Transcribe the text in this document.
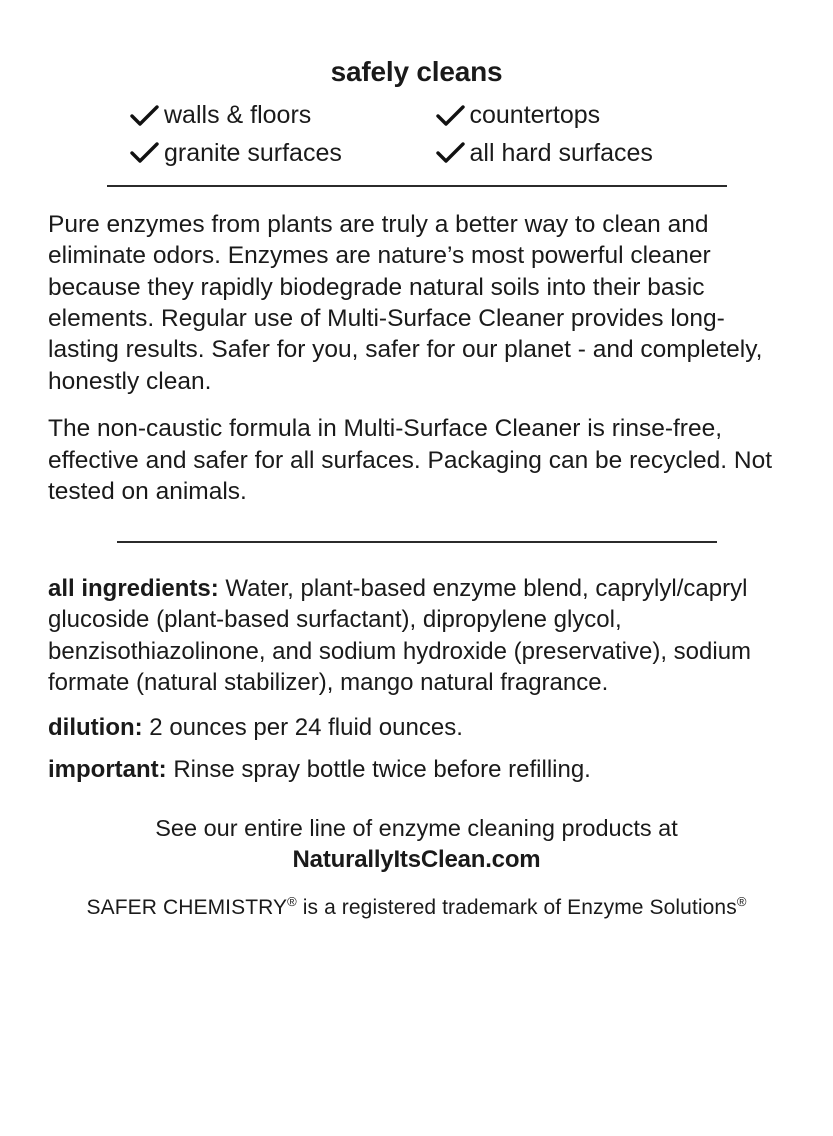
safely cleans
walls & floors	countertops
granite surfaces	all hard surfaces

Pure enzymes from plants are truly a better way to clean and eliminate odors. Enzymes are nature’s most powerful cleaner because they rapidly biodegrade natural soils into their basic elements. Regular use of Multi-Surface Cleaner provides long-lasting results. Safer for you, safer for our planet - and completely, honestly clean.

The non-caustic formula in Multi-Surface Cleaner is rinse-free, effective and safer for all surfaces. Packaging can be recycled. Not tested on animals.

all ingredients: Water, plant-based enzyme blend, caprylyl/capryl glucoside (plant-based surfactant), dipropylene glycol, benzisothiazolinone, and sodium hydroxide (preservative), sodium formate (natural stabilizer), mango natural fragrance.

dilution: 2 ounces per 24 fluid ounces.

important: Rinse spray bottle twice before refilling.

See our entire line of enzyme cleaning products at
NaturallyItsClean.com
SAFER CHEMISTRY® is a registered trademark of Enzyme Solutions®
